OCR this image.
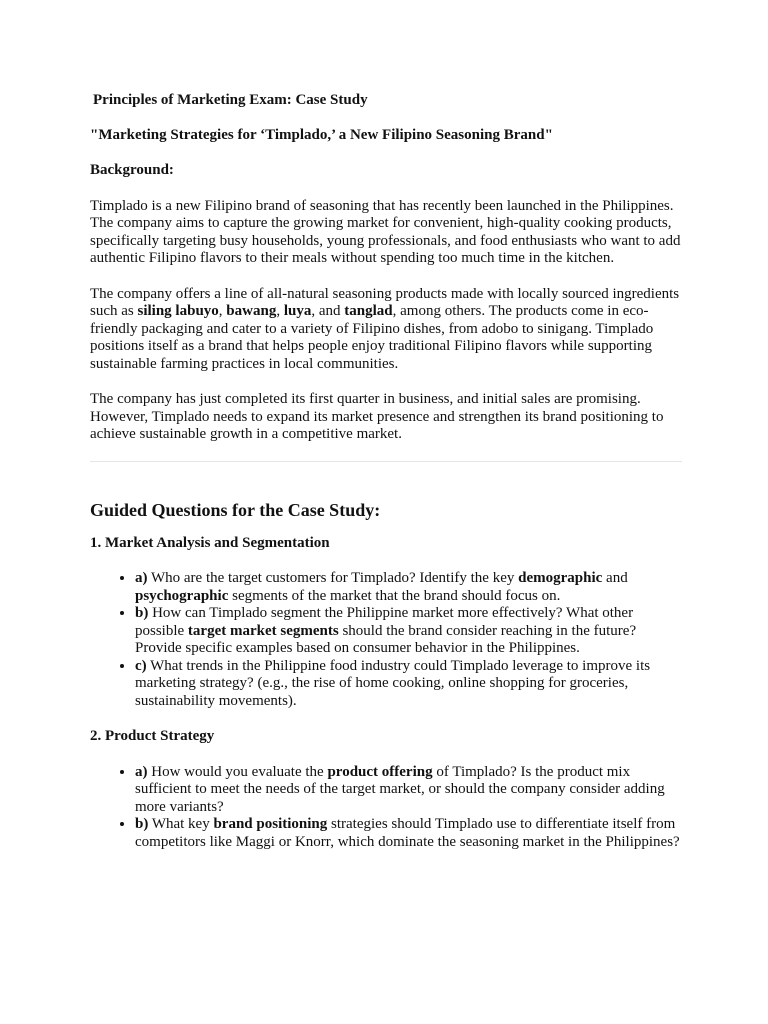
Principles of Marketing Exam: Case Study
"Marketing Strategies for ‘Timplado,’ a New Filipino Seasoning Brand"
Background:

Timplado is a new Filipino brand of seasoning that has recently been launched in the Philippines. The company aims to capture the growing market for convenient, high-quality cooking products, specifically targeting busy households, young professionals, and food enthusiasts who want to add authentic Filipino flavors to their meals without spending too much time in the kitchen.

The company offers a line of all-natural seasoning products made with locally sourced ingredients such as siling labuyo, bawang, luya, and tanglad, among others. The products come in eco-friendly packaging and cater to a variety of Filipino dishes, from adobo to sinigang. Timplado positions itself as a brand that helps people enjoy traditional Filipino flavors while supporting sustainable farming practices in local communities.

The company has just completed its first quarter in business, and initial sales are promising. However, Timplado needs to expand its market presence and strengthen its brand positioning to achieve sustainable growth in a competitive market.

Guided Questions for the Case Study:
1. Market Analysis and Segmentation
• a) Who are the target customers for Timplado? Identify the key demographic and psychographic segments of the market that the brand should focus on.
• b) How can Timplado segment the Philippine market more effectively? What other possible target market segments should the brand consider reaching in the future? Provide specific examples based on consumer behavior in the Philippines.
• c) What trends in the Philippine food industry could Timplado leverage to improve its marketing strategy? (e.g., the rise of home cooking, online shopping for groceries, sustainability movements).
2. Product Strategy
• a) How would you evaluate the product offering of Timplado? Is the product mix sufficient to meet the needs of the target market, or should the company consider adding more variants?
• b) What key brand positioning strategies should Timplado use to differentiate itself from competitors like Maggi or Knorr, which dominate the seasoning market in the Philippines?
